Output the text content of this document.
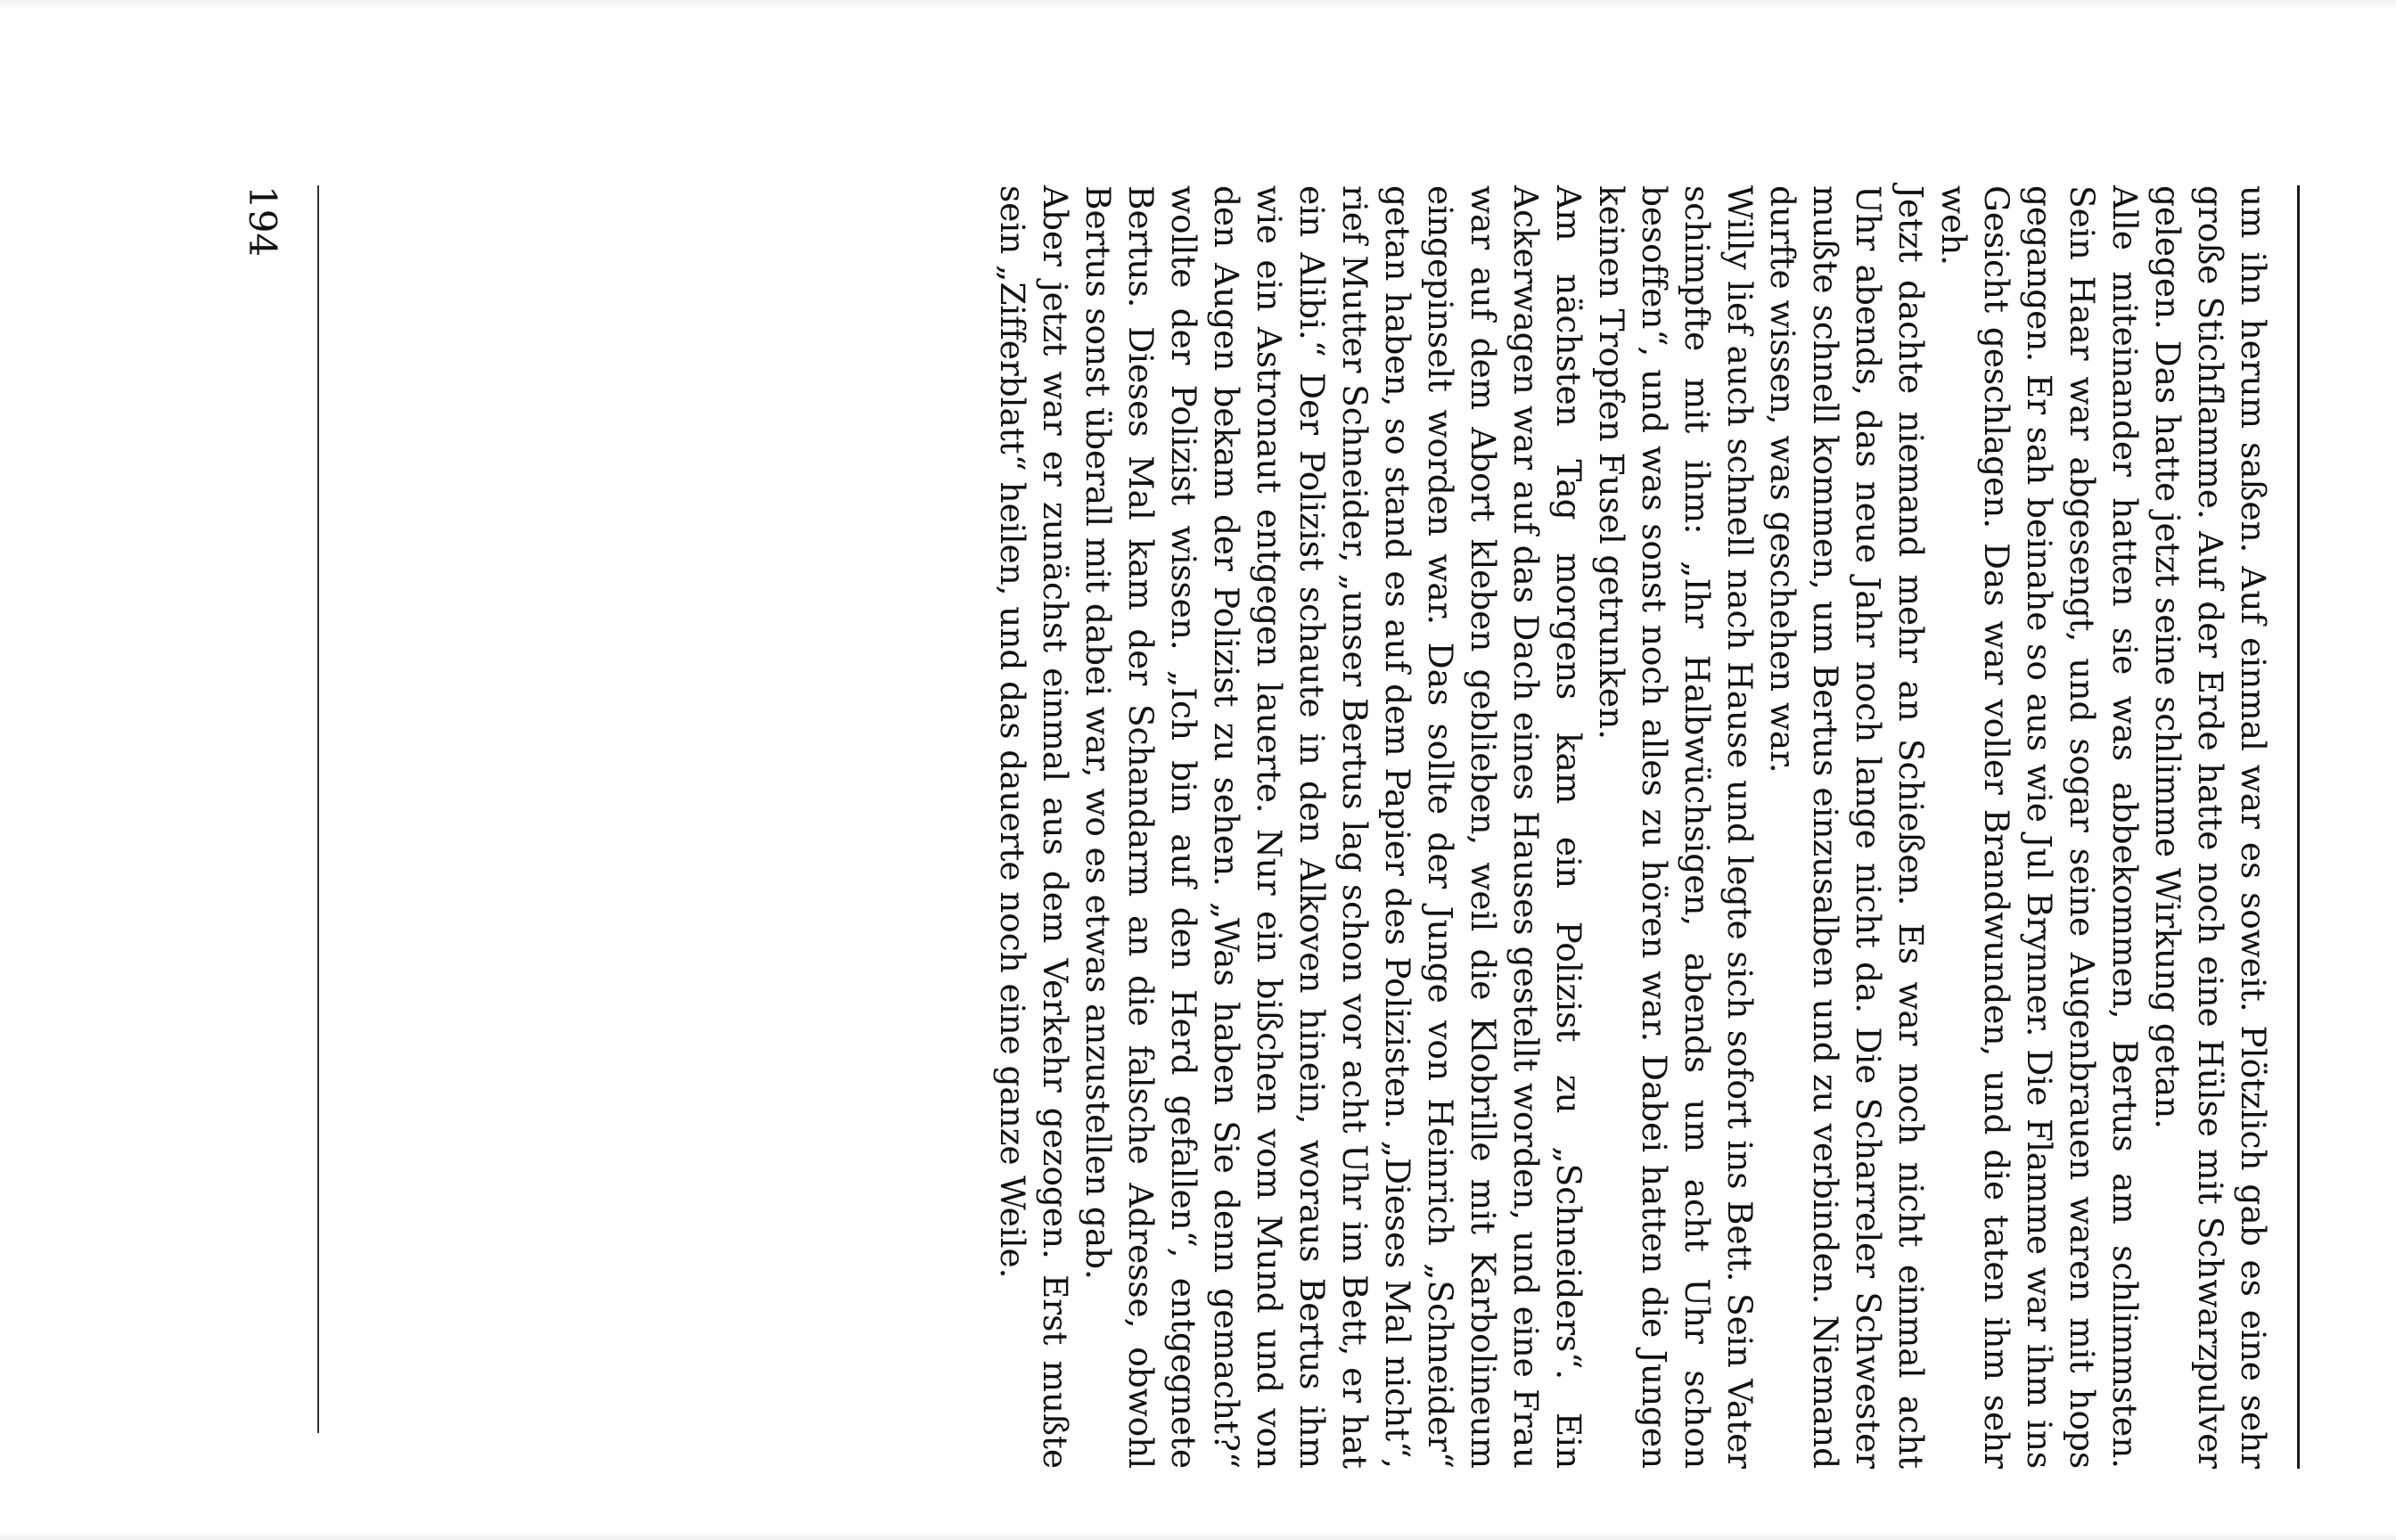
um ihn herum saßen. Auf einmal war es soweit. Plötzlich gab es eine sehr große Stichflamme. Auf der Erde hatte noch eine Hülse mit Schwarzpulver gelegen. Das hatte jetzt seine schlimme Wirkung getan.

Alle miteinander hatten sie was abbekommen, Bertus am schlimmsten. Sein Haar war abgesengt, und sogar seine Augenbrauen waren mit hops gegangen. Er sah beinahe so aus wie Jul Brynner. Die Flamme war ihm ins Gesicht geschlagen. Das war voller Brandwunden, und die taten ihm sehr weh.

Jetzt dachte niemand mehr an Schießen. Es war noch nicht einmal acht Uhr abends, das neue Jahr noch lange nicht da. Die Scharreler Schwester mußte schnell kommen, um Bertus einzusalben und zu verbinden. Niemand durfte wissen, was geschehen war.

Willy lief auch schnell nach Hause und legte sich sofort ins Bett. Sein Vater schimpfte mit ihm: „Ihr Halbwüchsigen, abends um acht Uhr schon besoffen“, und was sonst noch alles zu hören war. Dabei hatten die Jungen keinen Tropfen Fusel getrunken.

Am nächsten Tag morgens kam ein Polizist zu „Schneiders“. Ein Ackerwagen war auf das Dach eines Hauses gestellt worden, und eine Frau war auf dem Abort kleben geblieben, weil die Klobrille mit Karbolineum eingepinselt worden war. Das sollte der Junge von Heinrich „Schneider“ getan haben, so stand es auf dem Papier des Polizisten. „Dieses Mal nicht“, rief Mutter Schneider, „unser Bertus lag schon vor acht Uhr im Bett, er hat ein Alibi.“ Der Polizist schaute in den Alkoven hinein, woraus Bertus ihm wie ein Astronaut entgegen lauerte. Nur ein bißchen vom Mund und von den Augen bekam der Polizist zu sehen. „Was haben Sie denn gemacht?“ wollte der Polizist wissen. „Ich bin auf den Herd gefallen“, entgegnete Bertus. Dieses Mal kam der Schandarm an die falsche Adresse, obwohl Bertus sonst überall mit dabei war, wo es etwas anzustellen gab.

Aber jetzt war er zunächst einmal aus dem Verkehr gezogen. Erst mußte sein „Zifferblatt“ heilen, und das dauerte noch eine ganze Weile.

194
